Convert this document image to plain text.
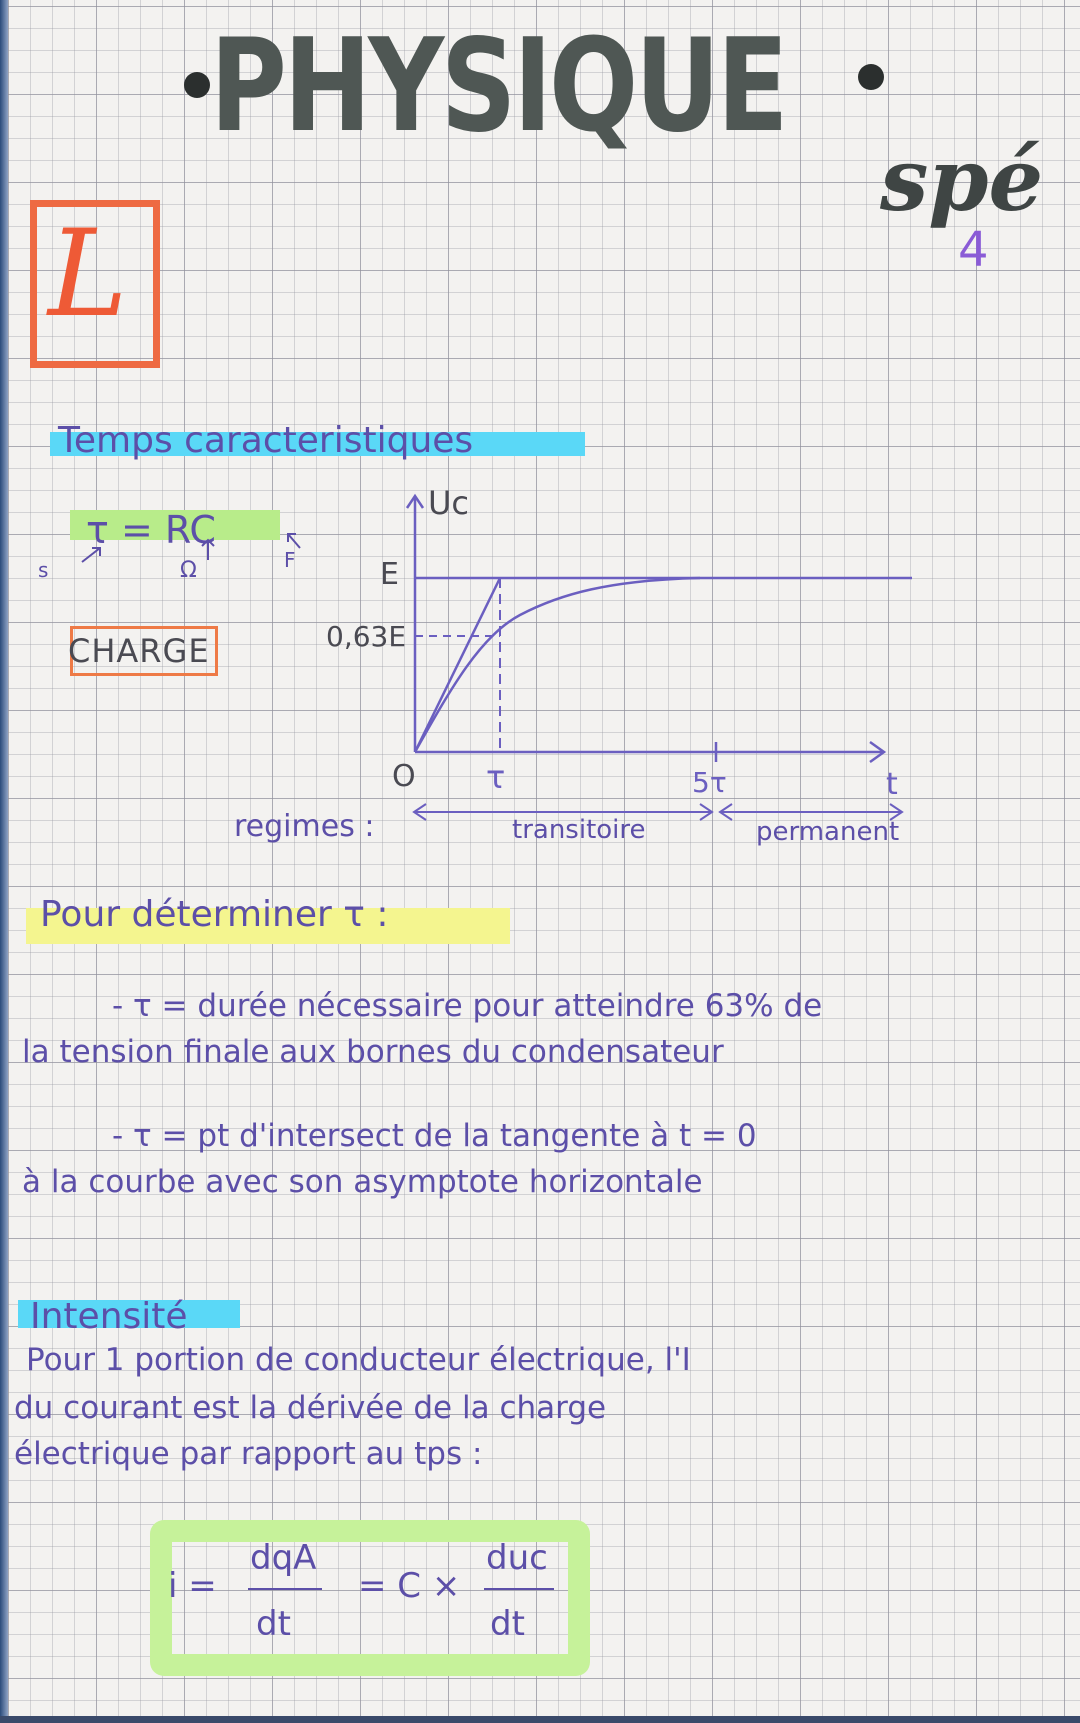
PHYSIQUE
spé
4
L
Temps caracteristiques
τ = RC
s	Ω	F
CHARGE
Uc
E
0,63E
O τ	5τ	t
regimes :	transitoire	permanent
Pour déterminer τ :
- τ = durée nécessaire pour atteindre 63% de
la tension finale aux bornes du condensateur
- τ = pt d'intersect de la tangente à t = 0
à la courbe avec son asymptote horizontale
Intensité
Pour 1 portion de conducteur électrique, l'I
du courant est la dérivée de la charge
électrique par rapport au tps :
i =
dqA
dt
= C ×
duc
dt
